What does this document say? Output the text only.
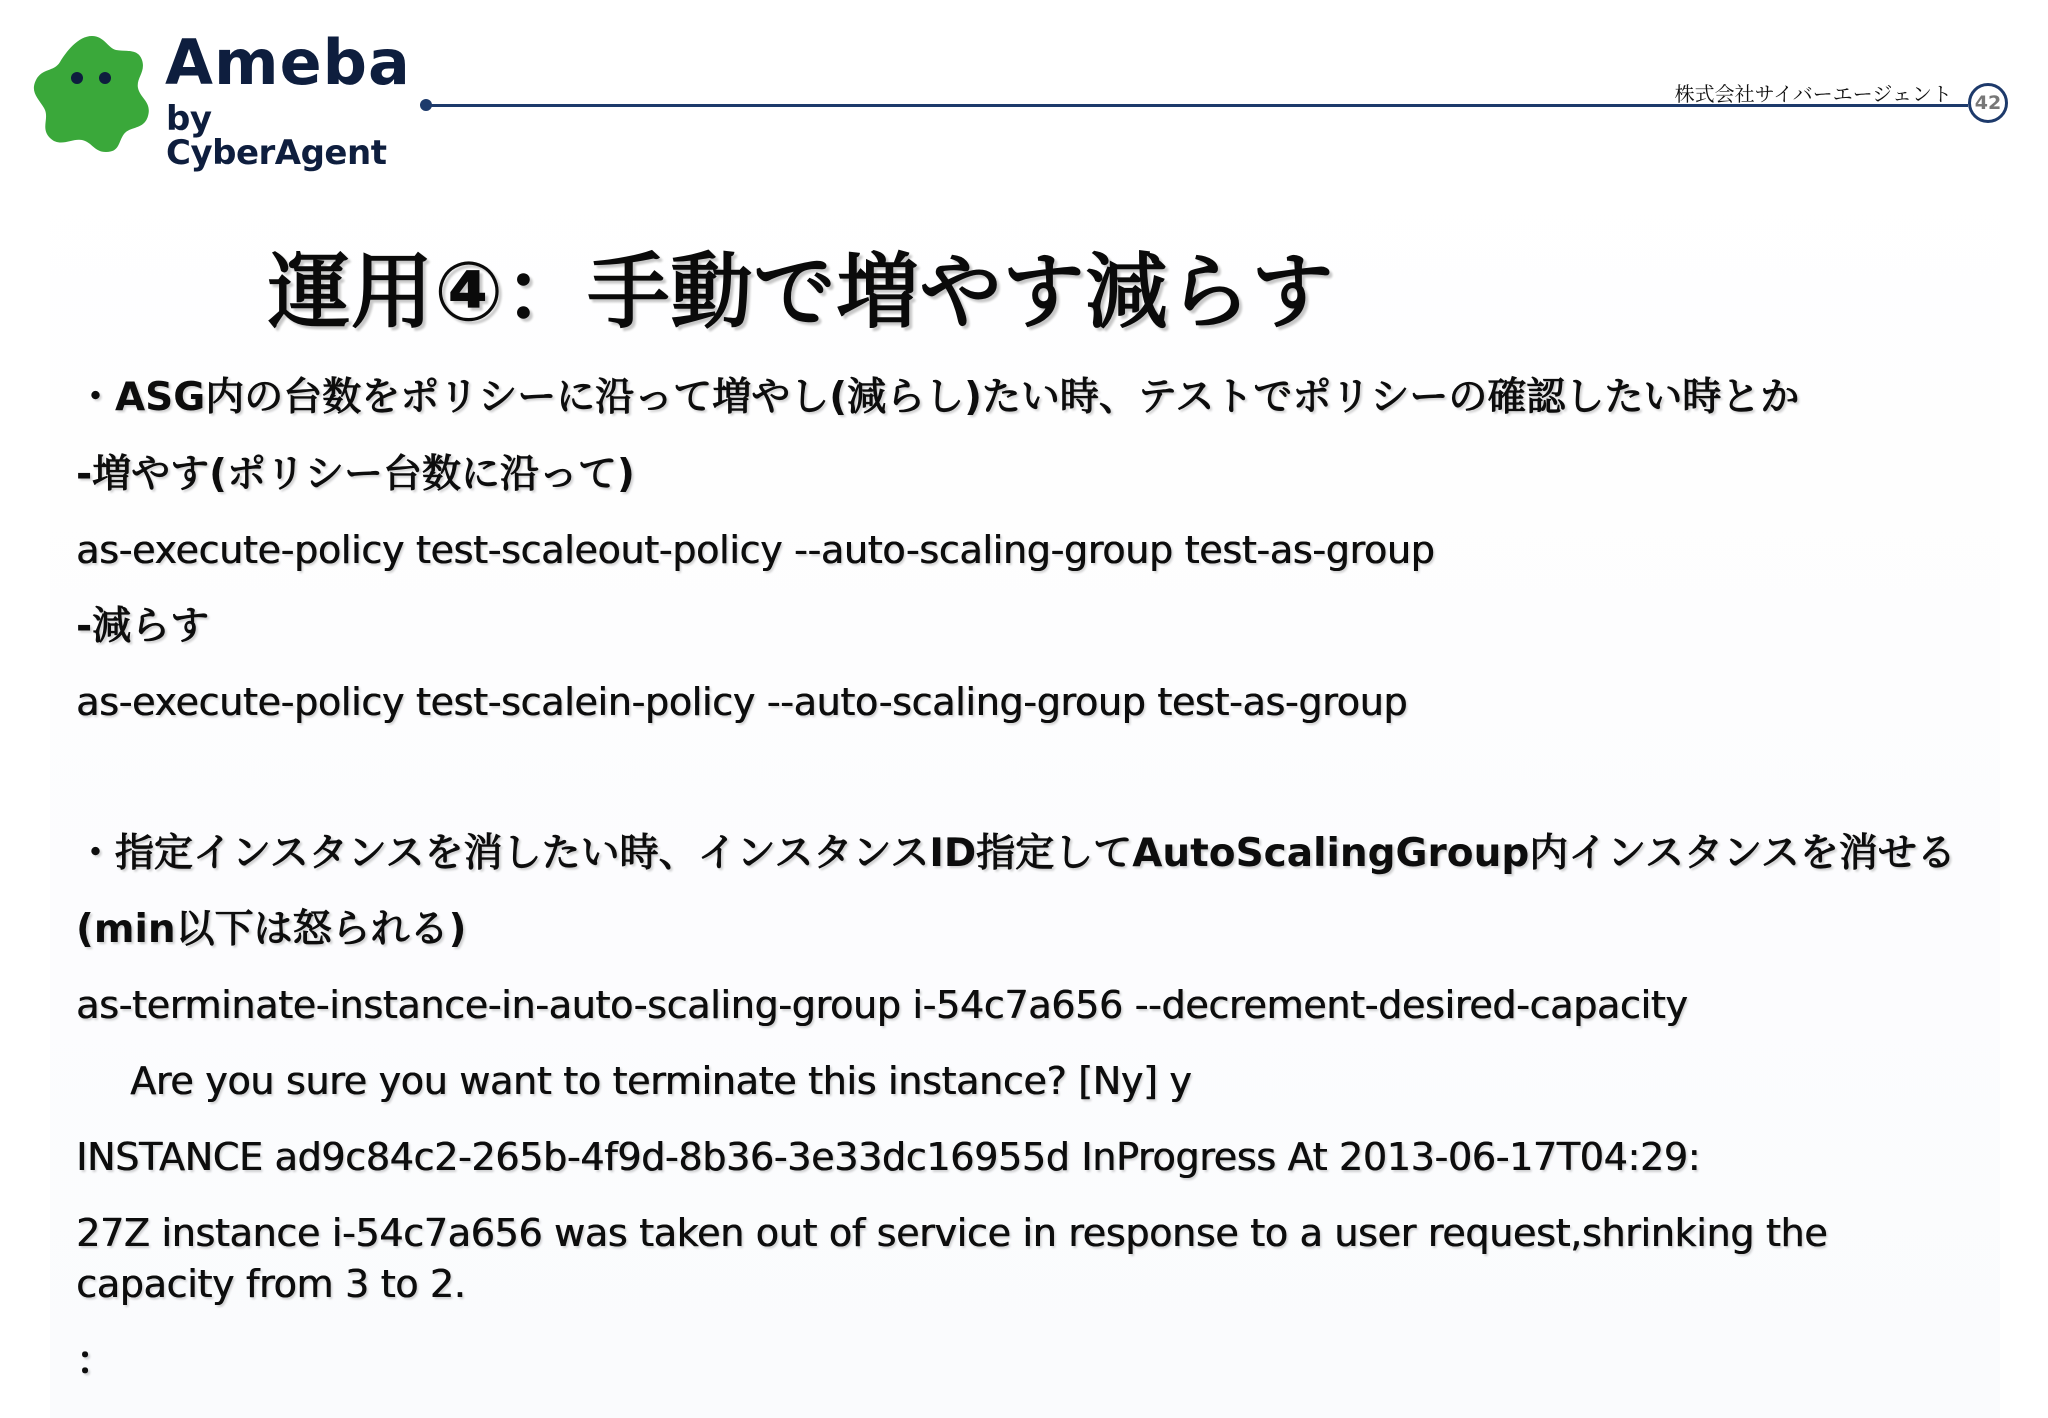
Ameba
by CyberAgent
株式会社サイバーエージェント	42
運用④：手動で増やす減らす
・ASG内の台数をポリシーに沿って増やし(減らし)たい時、テストでポリシーの確認したい時とか
-増やす(ポリシー台数に沿って)
as-execute-policy test-scaleout-policy --auto-scaling-group test-as-group
-減らす
as-execute-policy test-scalein-policy --auto-scaling-group test-as-group
・指定インスタンスを消したい時、インスタンスID指定してAutoScalingGroup内インスタンスを消せる
(min以下は怒られる)
as-terminate-instance-in-auto-scaling-group i-54c7a656 --decrement-desired-capacity
Are you sure you want to terminate this instance? [Ny] y
INSTANCE ad9c84c2-265b-4f9d-8b36-3e33dc16955d InProgress At 2013-06-17T04:29:
27Z instance i-54c7a656 was taken out of service in response to a user request,shrinking the
capacity from 3 to 2.
：
